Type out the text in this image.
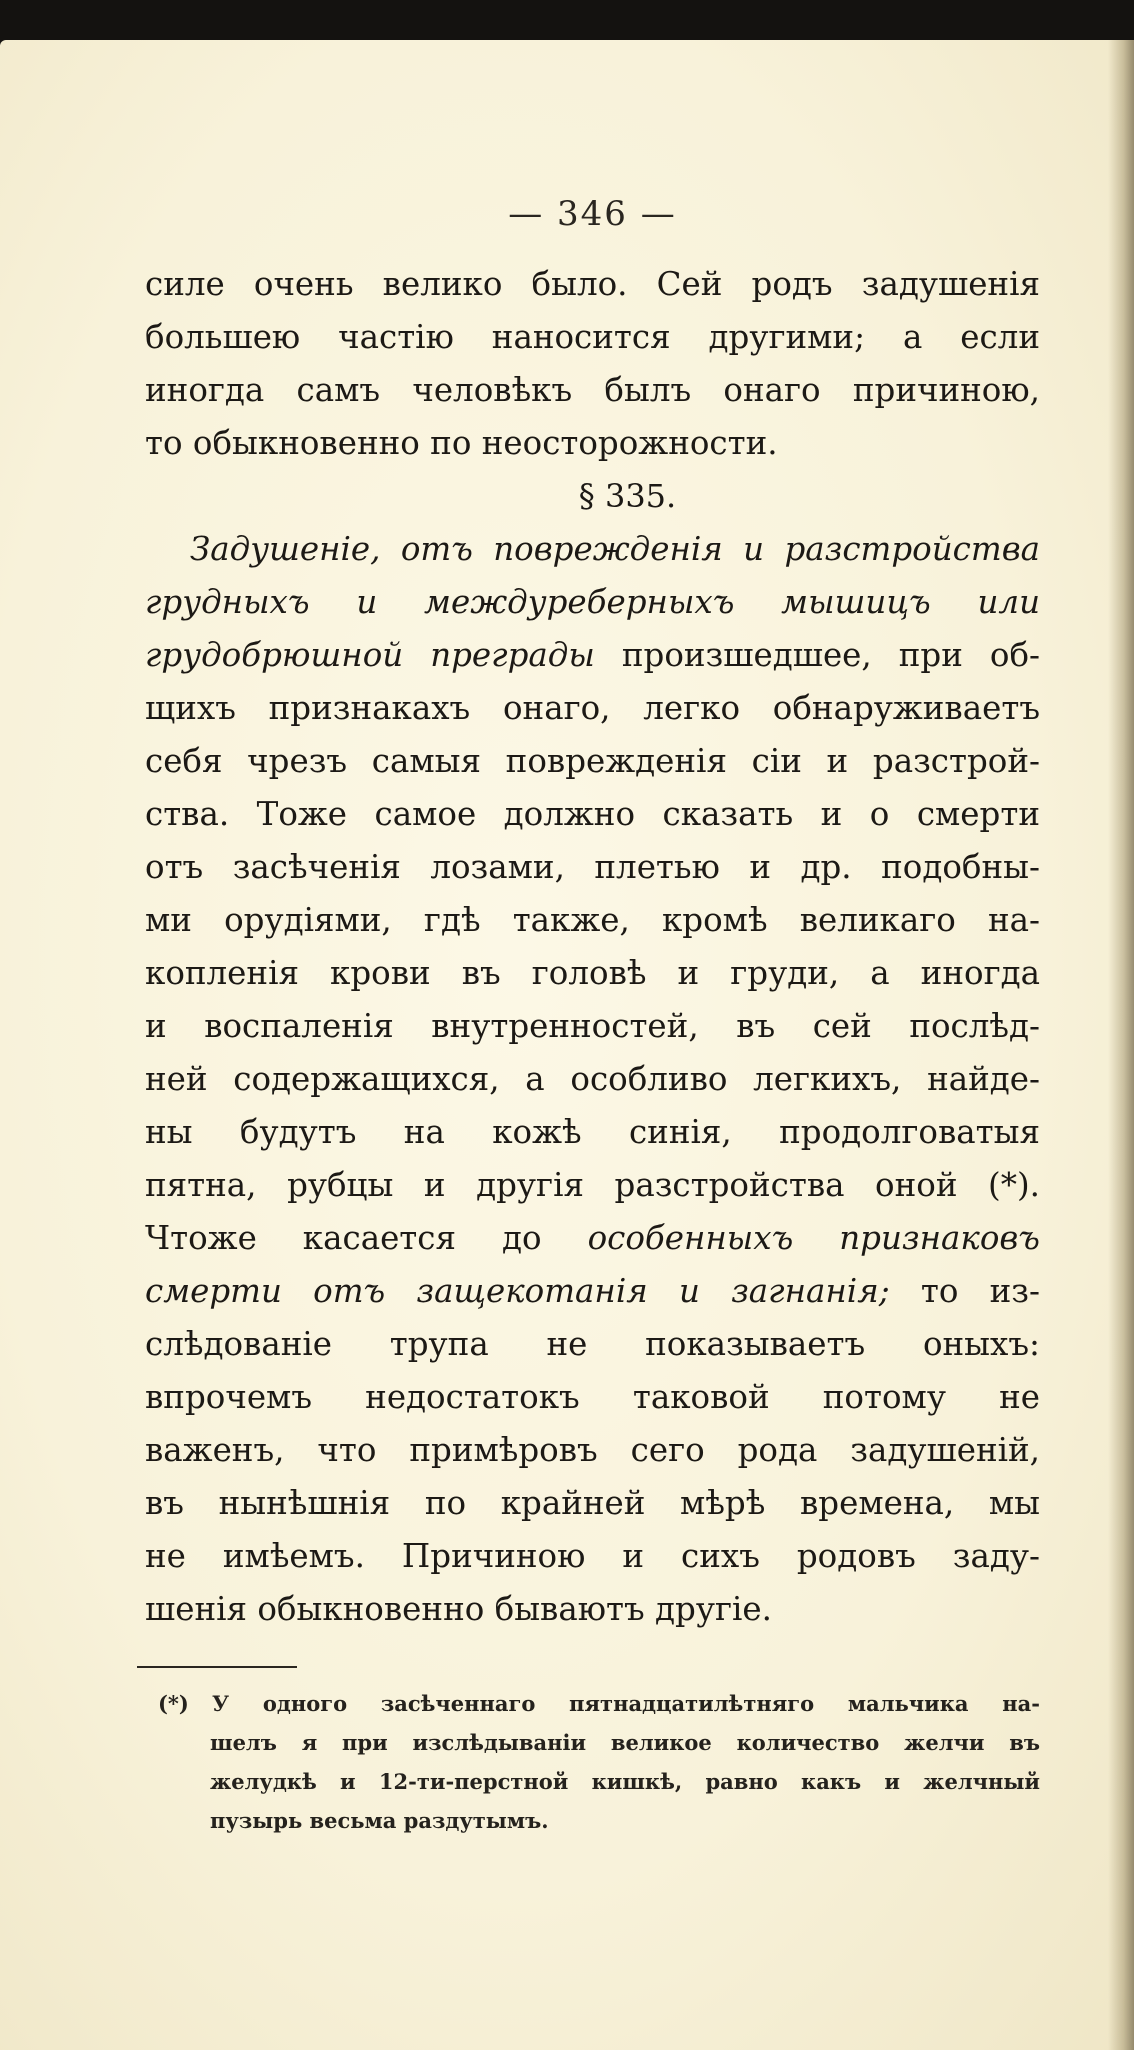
— 346 —
силе очень велико было. Сей родъ задушенія
большею частію наносится другими; а если
иногда самъ человѣкъ былъ онаго причиною,
то обыкновенно по неосторожности.
§ 335.
Задушеніе, отъ поврежденія и разстройства
грудныхъ и междуреберныхъ мышицъ или
грудобрюшной преграды произшедшее, при об-
щихъ признакахъ онаго, легко обнаруживаетъ
себя чрезъ самыя поврежденія сіи и разстрой-
ства. Тоже самое должно сказать и о смерти
отъ засѣченія лозами, плетью и др. подобны-
ми орудіями, гдѣ также, кромѣ великаго на-
копленія крови въ головѣ и груди, а иногда
и воспаленія внутренностей, въ сей послѣд-
ней содержащихся, а особливо легкихъ, найде-
ны будутъ на кожѣ синія, продолговатыя
пятна, рубцы и другія разстройства оной (*).
Чтоже касается до особенныхъ признаковъ
смерти отъ защекотанія и загнанія; то из-
слѣдованіе трупа не показываетъ оныхъ:
впрочемъ недостатокъ таковой потому не
важенъ, что примѣровъ сего рода задушеній,
въ нынѣшнія по крайней мѣрѣ времена, мы
не имѣемъ. Причиною и сихъ родовъ заду-
шенія обыкновенно бываютъ другіе.
(*) У одного засѣченнаго пятнадцатилѣтняго мальчика на-
шелъ я при изслѣдываніи великое количество желчи въ
желудкѣ и 12-ти-перстной кишкѣ, равно какъ и желчный
пузырь весьма раздутымъ.
